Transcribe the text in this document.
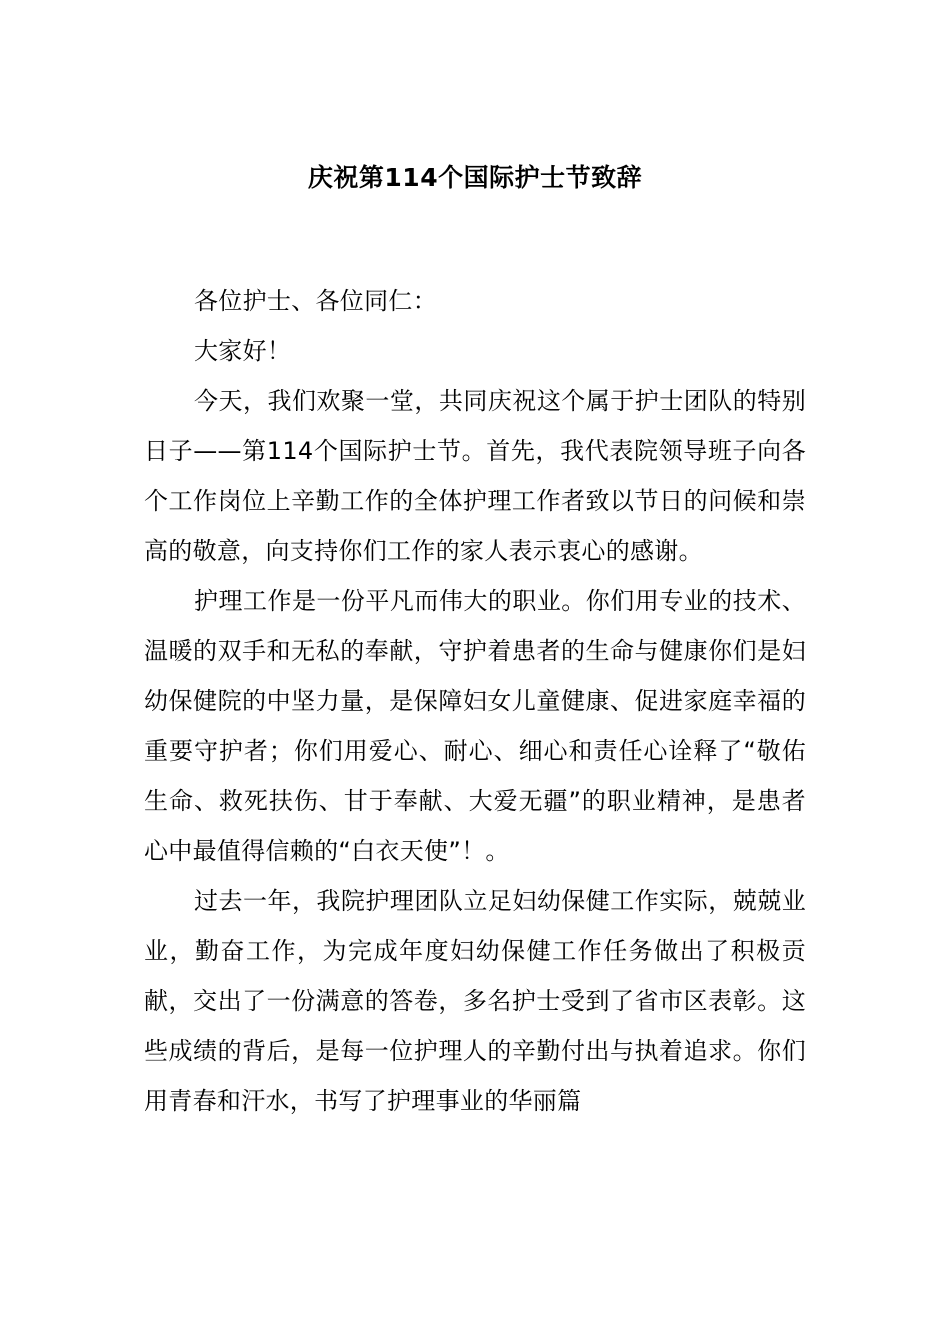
庆祝第114个国际护士节致辞

各位护士、各位同仁：

大家好！

今天，我们欢聚一堂，共同庆祝这个属于护士团队的特别日子——第114个国际护士节。首先，我代表院领导班子向各个工作岗位上辛勤工作的全体护理工作者致以节日的问候和崇高的敬意，向支持你们工作的家人表示衷心的感谢。

护理工作是一份平凡而伟大的职业。你们用专业的技术、温暖的双手和无私的奉献，守护着患者的生命与健康你们是妇幼保健院的中坚力量，是保障妇女儿童健康、促进家庭幸福的重要守护者；你们用爱心、耐心、细心和责任心诠释了“敬佑生命、救死扶伤、甘于奉献、大爱无疆”的职业精神，是患者心中最值得信赖的“白衣天使”！。

过去一年，我院护理团队立足妇幼保健工作实际，兢兢业业，勤奋工作，为完成年度妇幼保健工作任务做出了积极贡献，交出了一份满意的答卷，多名护士受到了省市区表彰。这些成绩的背后，是每一位护理人的辛勤付出与执着追求。你们用青春和汗水，书写了护理事业的华丽篇
